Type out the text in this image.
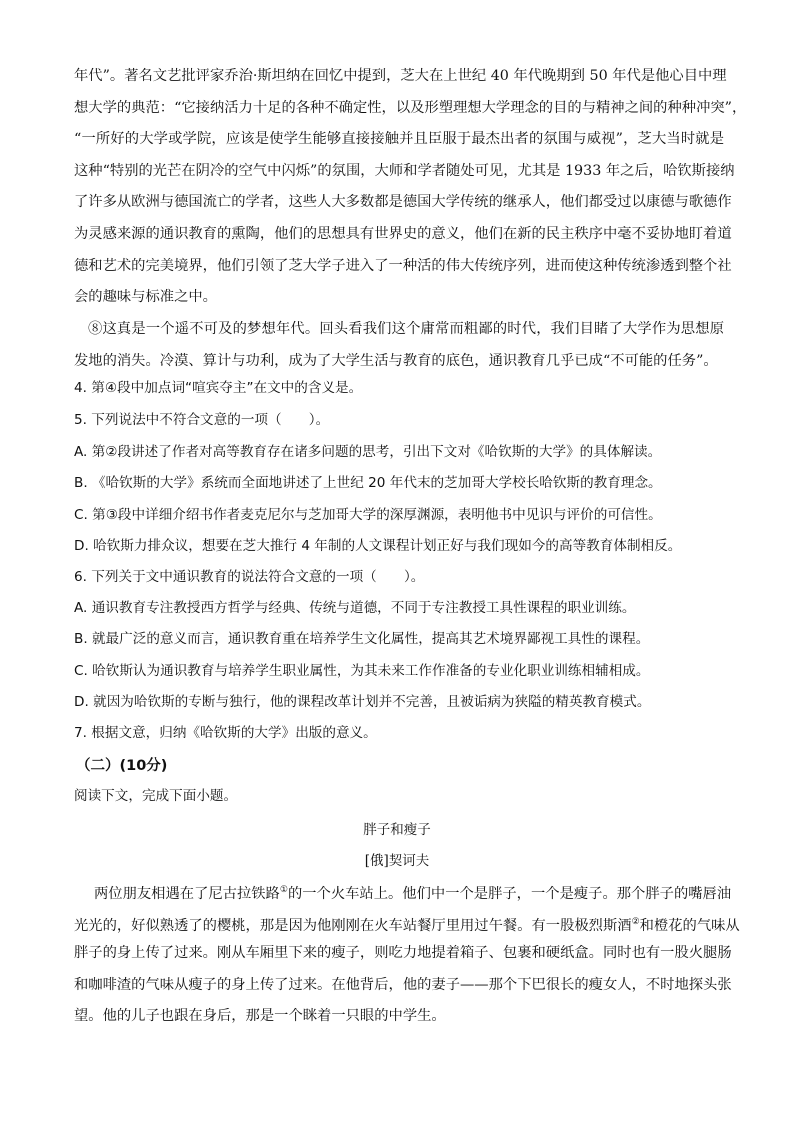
年代”。著名文艺批评家乔治·斯坦纳在回忆中提到，芝大在上世纪 40 年代晚期到 50 年代是他心目中理
想大学的典范：“它接纳活力十足的各种不确定性，以及形塑理想大学理念的目的与精神之间的种种冲突”，
“一所好的大学或学院，应该是使学生能够直接接触并且臣服于最杰出者的氛围与威视”，芝大当时就是
这种“特别的光芒在阴冷的空气中闪烁”的氛围，大师和学者随处可见，尤其是 1933 年之后，哈钦斯接纳
了许多从欧洲与德国流亡的学者，这些人大多数都是德国大学传统的继承人，他们都受过以康德与歌德作
为灵感来源的通识教育的熏陶，他们的思想具有世界史的意义，他们在新的民主秩序中毫不妥协地盯着道
德和艺术的完美境界，他们引领了芝大学子进入了一种活的伟大传统序列，进而使这种传统渗透到整个社
会的趣味与标准之中。
⑧这真是一个遥不可及的梦想年代。回头看我们这个庸常而粗鄙的时代，我们目睹了大学作为思想原
发地的消失。冷漠、算计与功利，成为了大学生活与教育的底色，通识教育几乎已成“不可能的任务”。
4. 第④段中加点词“喧宾夺主”在文中的含义是。
5. 下列说法中不符合文意的一项（　　）。
A. 第②段讲述了作者对高等教育存在诸多问题的思考，引出下文对《哈钦斯的大学》的具体解读。
B. 《哈钦斯的大学》系统而全面地讲述了上世纪 20 年代末的芝加哥大学校长哈钦斯的教育理念。
C. 第③段中详细介绍书作者麦克尼尔与芝加哥大学的深厚渊源，表明他书中见识与评价的可信性。
D. 哈钦斯力排众议，想要在芝大推行 4 年制的人文课程计划正好与我们现如今的高等教育体制相反。
6. 下列关于文中通识教育的说法符合文意的一项（　　）。
A. 通识教育专注教授西方哲学与经典、传统与道德，不同于专注教授工具性课程的职业训练。
B. 就最广泛的意义而言，通识教育重在培养学生文化属性，提高其艺术境界鄙视工具性的课程。
C. 哈钦斯认为通识教育与培养学生职业属性，为其未来工作作准备的专业化职业训练相辅相成。
D. 就因为哈钦斯的专断与独行，他的课程改革计划并不完善，且被诟病为狭隘的精英教育模式。
7. 根据文意，归纳《哈钦斯的大学》出版的意义。
（二）(10分)
阅读下文，完成下面小题。
胖子和瘦子
[俄]契诃夫
两位朋友相遇在了尼古拉铁路①的一个火车站上。他们中一个是胖子，一个是瘦子。那个胖子的嘴唇油
光光的，好似熟透了的樱桃，那是因为他刚刚在火车站餐厅里用过午餐。有一股极烈斯酒②和橙花的气味从
胖子的身上传了过来。刚从车厢里下来的瘦子，则吃力地提着箱子、包裹和硬纸盒。同时也有一股火腿肠
和咖啡渣的气味从瘦子的身上传了过来。在他背后，他的妻子——那个下巴很长的瘦女人，不时地探头张
望。他的儿子也跟在身后，那是一个眯着一只眼的中学生。
